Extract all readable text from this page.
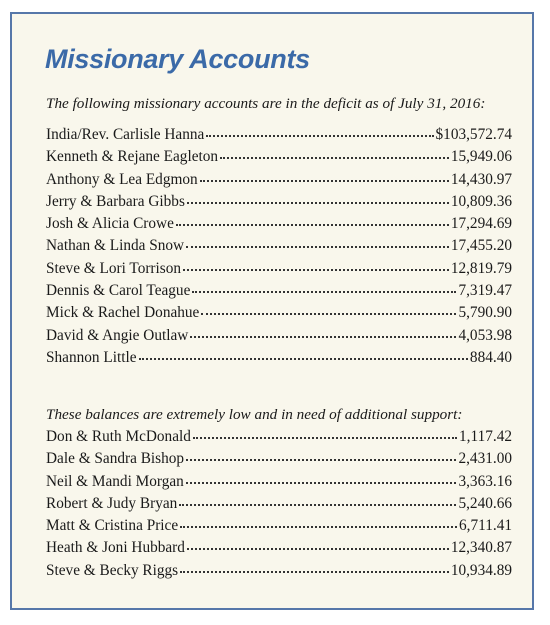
Missionary Accounts

The following missionary accounts are in the deficit as of July 31, 2016:

India/Rev. Carlisle Hanna	$103,572.74
Kenneth & Rejane Eagleton	15,949.06
Anthony & Lea Edgmon	14,430.97
Jerry & Barbara Gibbs	10,809.36
Josh & Alicia Crowe	17,294.69
Nathan & Linda Snow	17,455.20
Steve & Lori Torrison	12,819.79
Dennis & Carol Teague	7,319.47
Mick & Rachel Donahue	5,790.90
David & Angie Outlaw	4,053.98
Shannon Little	884.40

These balances are extremely low and in need of additional support:

Don & Ruth McDonald	1,117.42
Dale & Sandra Bishop	2,431.00
Neil & Mandi Morgan	3,363.16
Robert & Judy Bryan	5,240.66
Matt & Cristina Price	6,711.41
Heath & Joni Hubbard	12,340.87
Steve & Becky Riggs	10,934.89
